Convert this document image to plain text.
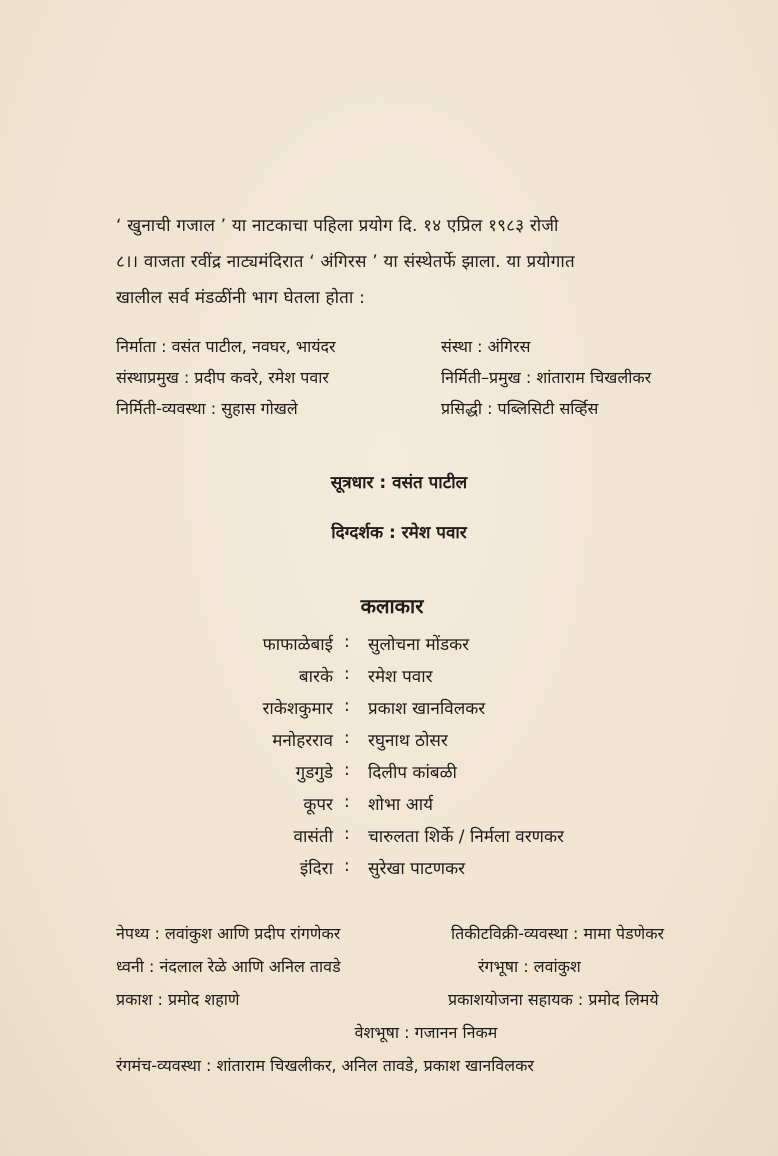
‘ खुनाची गजाल ’ या नाटकाचा पहिला प्रयोग दि. १४ एप्रिल १९८३ रोजी
८।। वाजता रवींद्र नाट्यमंदिरात ‘ अंगिरस ’ या संस्थेतर्फे झाला. या प्रयोगात
खालील सर्व मंडळींनी भाग घेतला होता :
निर्माता : वसंत पाटील, नवघर, भायंदर	संस्था : अंगिरस
संस्थाप्रमुख : प्रदीप कवरे, रमेश पवार	निर्मिती–प्रमुख : शांताराम चिखलीकर
निर्मिती-व्यवस्था : सुहास गोखले	प्रसिद्धी : पब्लिसिटी सर्व्हिस
सूत्रधार : वसंत पाटील
दिग्दर्शक : रमेश पवार
कलाकार
फाफाळेबाई : सुलोचना मोंडकर
बारके : रमेश पवार
राकेशकुमार : प्रकाश खानविलकर
मनोहरराव : रघुनाथ ठोसर
गुडगुडे : दिलीप कांबळी
कूपर : शोभा आर्य
वासंती : चारुलता शिर्के / निर्मला वरणकर
इंदिरा : सुरेखा पाटणकर
नेपथ्य : लवांकुश आणि प्रदीप रांगणेकर	तिकीटविक्री-व्यवस्था : मामा पेडणेकर
ध्वनी : नंदलाल रेळे आणि अनिल तावडे	रंगभूषा : लवांकुश
प्रकाश : प्रमोद शहाणे	प्रकाशयोजना सहायक : प्रमोद लिमये
वेशभूषा : गजानन निकम
रंगमंच-व्यवस्था : शांताराम चिखलीकर, अनिल तावडे, प्रकाश खानविलकर
